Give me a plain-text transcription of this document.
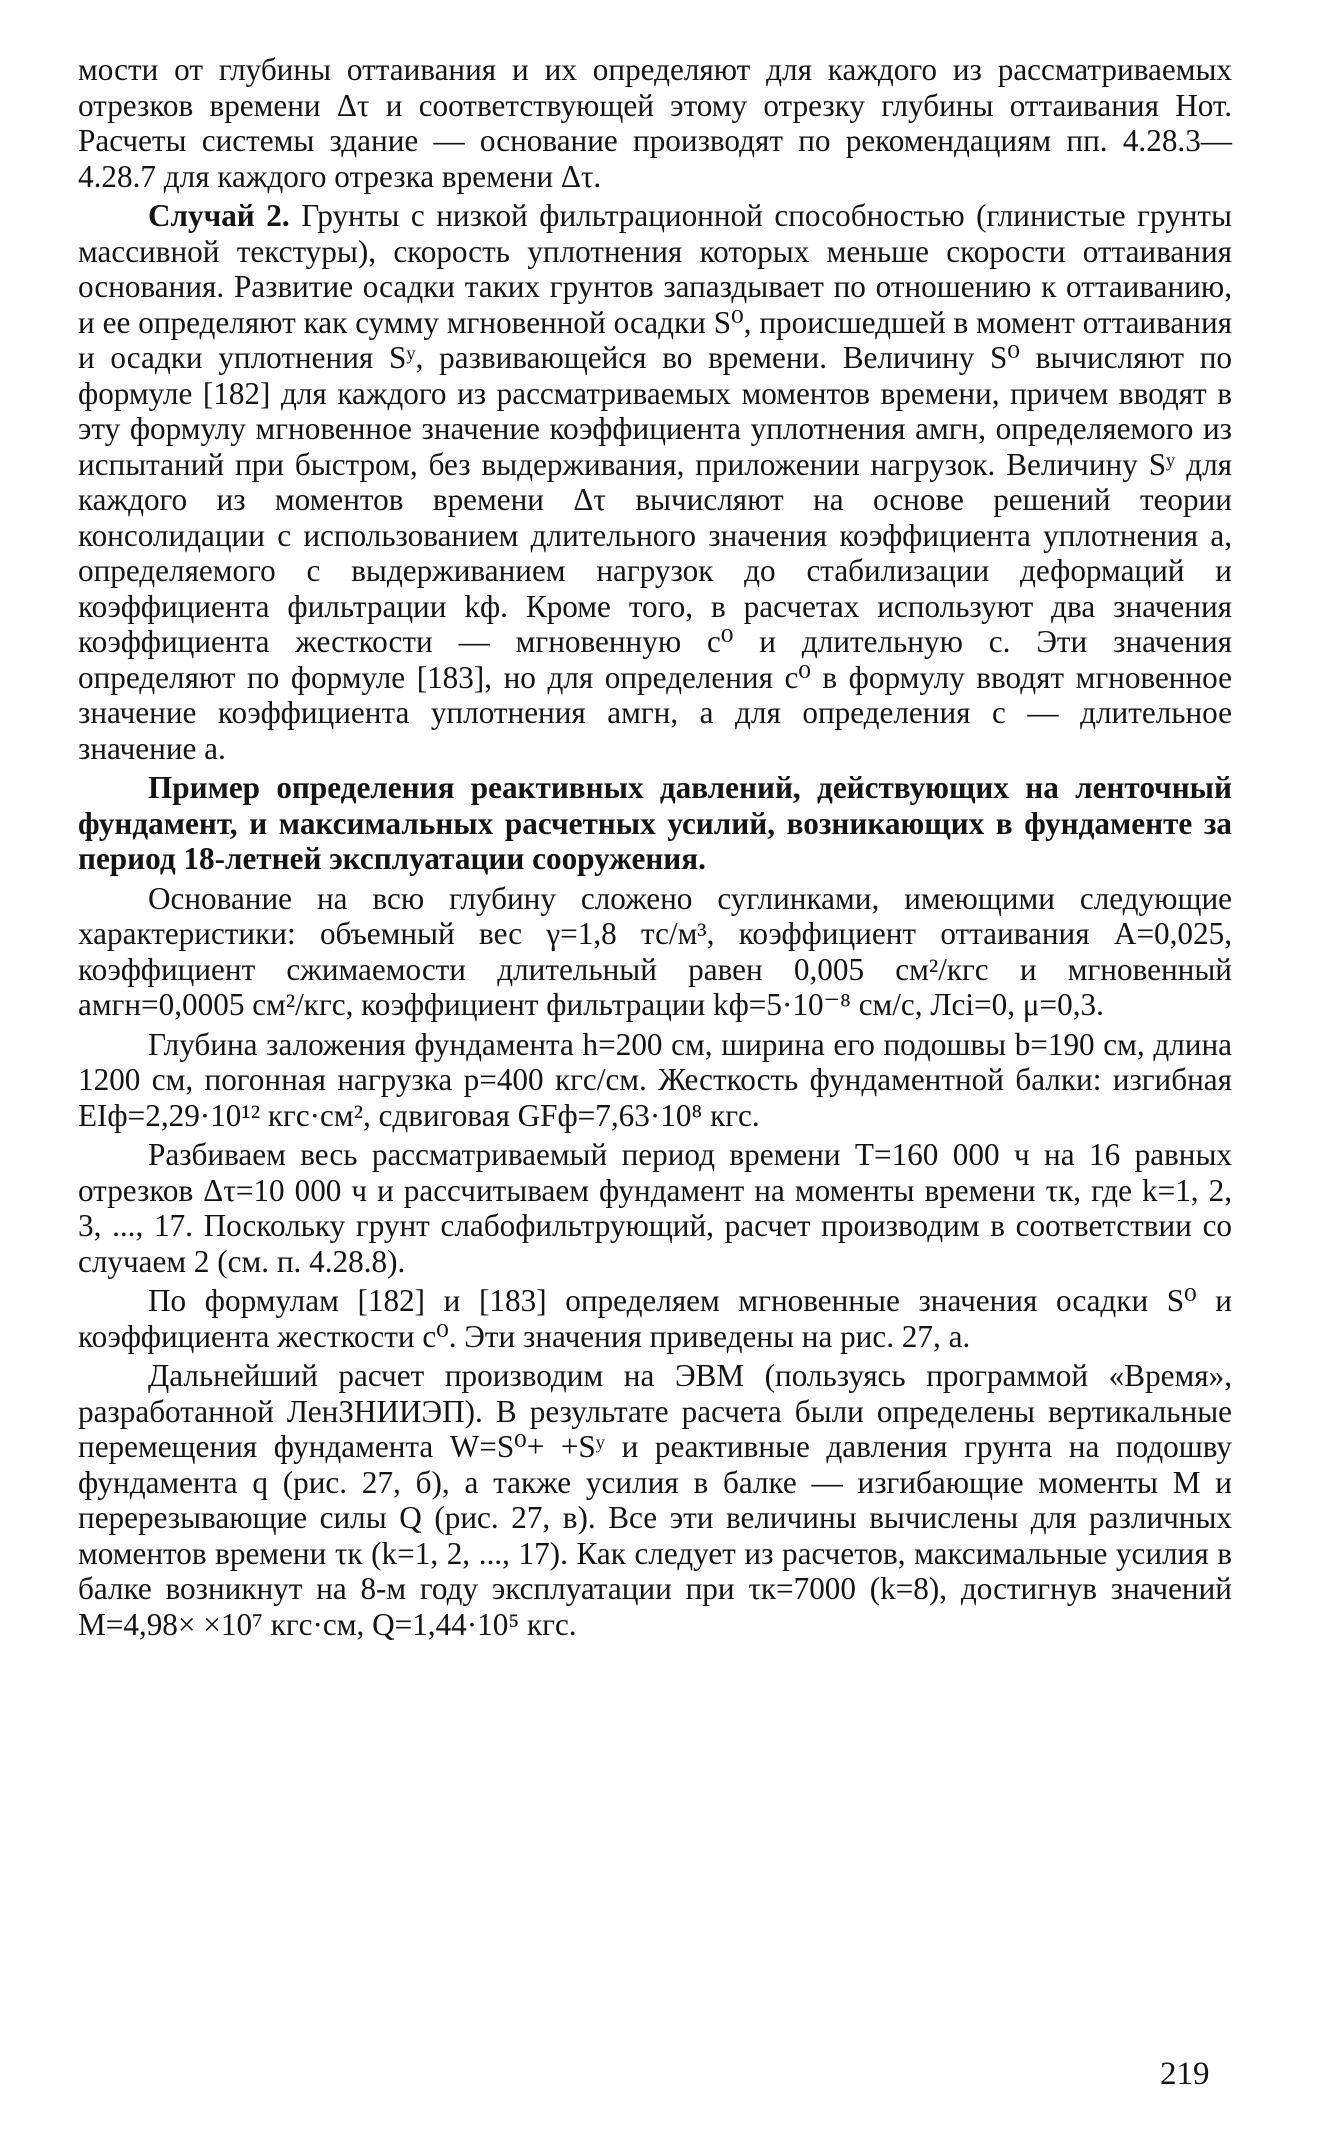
мости от глубины оттаивания и их определяют для каждого из рассматриваемых отрезков времени Δτ и соответствующей этому отрезку глубины оттаивания Hот. Расчеты системы здание — основание производят по рекомендациям пп. 4.28.3—4.28.7 для каждого отрезка времени Δτ.

Случай 2. Грунты с низкой фильтрационной способностью (глинистые грунты массивной текстуры), скорость уплотнения которых меньше скорости оттаивания основания. Развитие осадки таких грунтов запаздывает по отношению к оттаиванию, и ее определяют как сумму мгновенной осадки S⁰, происшедшей в момент оттаивания и осадки уплотнения Sʸ, развивающейся во времени. Величину S⁰ вычисляют по формуле [182] для каждого из рассматриваемых моментов времени, причем вводят в эту формулу мгновенное значение коэффициента уплотнения aмгн, определяемого из испытаний при быстром, без выдерживания, приложении нагрузок. Величину Sʸ для каждого из моментов времени Δτ вычисляют на основе решений теории консолидации с использованием длительного значения коэффициента уплотнения a, определяемого с выдерживанием нагрузок до стабилизации деформаций и коэффициента фильтрации kф. Кроме того, в расчетах используют два значения коэффициента жесткости — мгновенную c⁰ и длительную c. Эти значения определяют по формуле [183], но для определения c⁰ в формулу вводят мгновенное значение коэффициента уплотнения aмгн, а для определения c — длительное значение a.

Пример определения реактивных давлений, действующих на ленточный фундамент, и максимальных расчетных усилий, возникающих в фундаменте за период 18-летней эксплуатации сооружения.

Основание на всю глубину сложено суглинками, имеющими следующие характеристики: объемный вес γ=1,8 тс/м³, коэффициент оттаивания A=0,025, коэффициент сжимаемости длительный равен 0,005 см²/кгс и мгновенный aмгн=0,0005 см²/кгс, коэффициент фильтрации kф=5·10⁻⁸ см/с, Лci=0, μ=0,3.

Глубина заложения фундамента h=200 см, ширина его подошвы b=190 см, длина 1200 см, погонная нагрузка p=400 кгс/см. Жесткость фундаментной балки: изгибная EIф=2,29·10¹² кгс·см², сдвиговая GFф=7,63·10⁸ кгс.

Разбиваем весь рассматриваемый период времени T=160 000 ч на 16 равных отрезков Δτ=10 000 ч и рассчитываем фундамент на моменты времени τк, где k=1, 2, 3, ..., 17. Поскольку грунт слабофильтрующий, расчет производим в соответствии со случаем 2 (см. п. 4.28.8).

По формулам [182] и [183] определяем мгновенные значения осадки S⁰ и коэффициента жесткости c⁰. Эти значения приведены на рис. 27, a.

Дальнейший расчет производим на ЭВМ (пользуясь программой «Время», разработанной ЛенЗНИИЭП). В результате расчета были определены вертикальные перемещения фундамента W=S⁰+ +Sʸ и реактивные давления грунта на подошву фундамента q (рис. 27, б), а также усилия в балке — изгибающие моменты M и перерезывающие силы Q (рис. 27, в). Все эти величины вычислены для различных моментов времени τк (k=1, 2, ..., 17). Как следует из расчетов, максимальные усилия в балке возникнут на 8-м году эксплуатации при τк=7000 (k=8), достигнув значений M=4,98× ×10⁷ кгс·см, Q=1,44·10⁵ кгс.

219
